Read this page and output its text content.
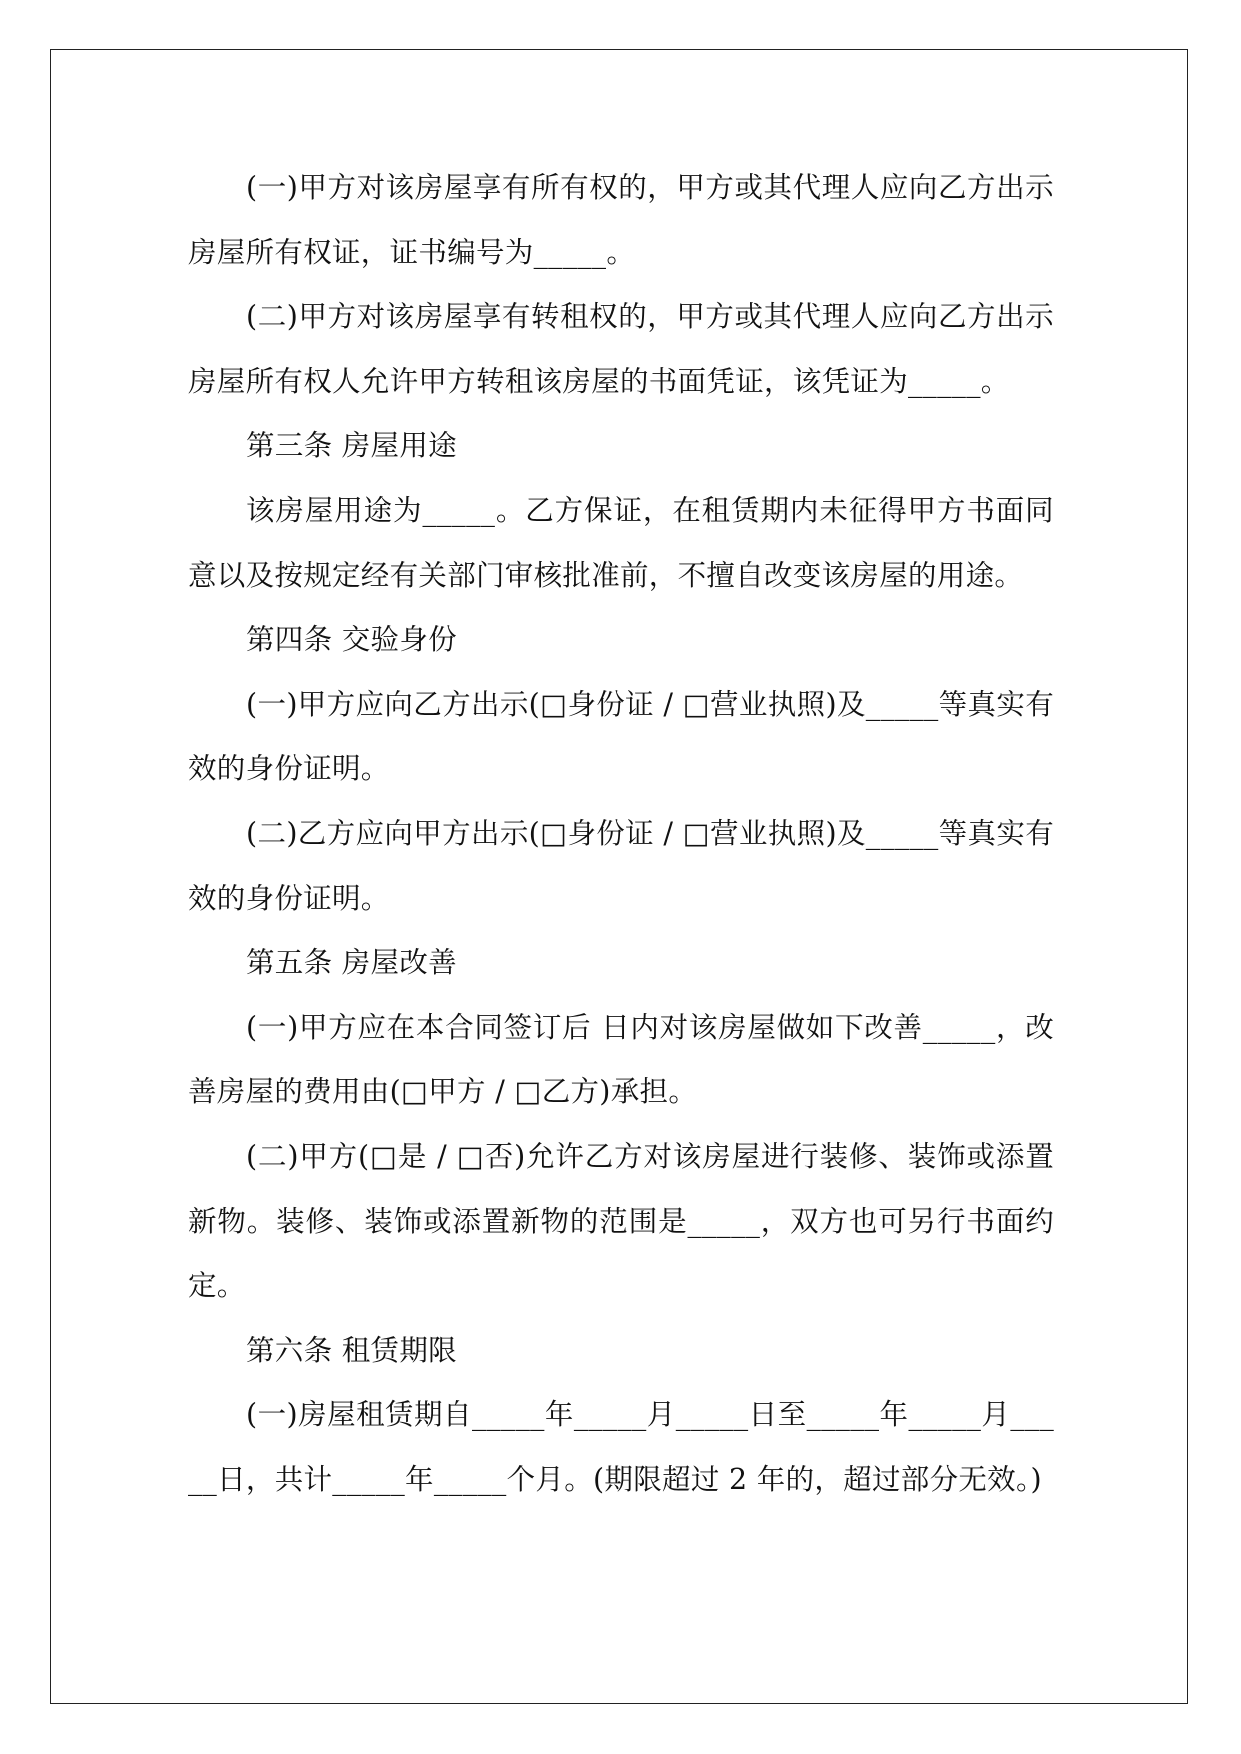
(一)甲方对该房屋享有所有权的，甲方或其代理人应向乙方出示房屋所有权证，证书编号为_____。

(二)甲方对该房屋享有转租权的，甲方或其代理人应向乙方出示房屋所有权人允许甲方转租该房屋的书面凭证，该凭证为_____。

第三条 房屋用途

该房屋用途为_____。乙方保证，在租赁期内未征得甲方书面同意以及按规定经有关部门审核批准前，不擅自改变该房屋的用途。

第四条 交验身份

(一)甲方应向乙方出示(□身份证 / □营业执照)及_____等真实有效的身份证明。

(二)乙方应向甲方出示(□身份证 / □营业执照)及_____等真实有效的身份证明。

第五条 房屋改善

(一)甲方应在本合同签订后 日内对该房屋做如下改善_____，改善房屋的费用由(□甲方 / □乙方)承担。

(二)甲方(□是 / □否)允许乙方对该房屋进行装修、装饰或添置新物。装修、装饰或添置新物的范围是_____，双方也可另行书面约定。

第六条 租赁期限

(一)房屋租赁期自_____年_____月_____日至_____年_____月_____日，共计_____年_____个月。(期限超过 2 年的，超过部分无效。)
